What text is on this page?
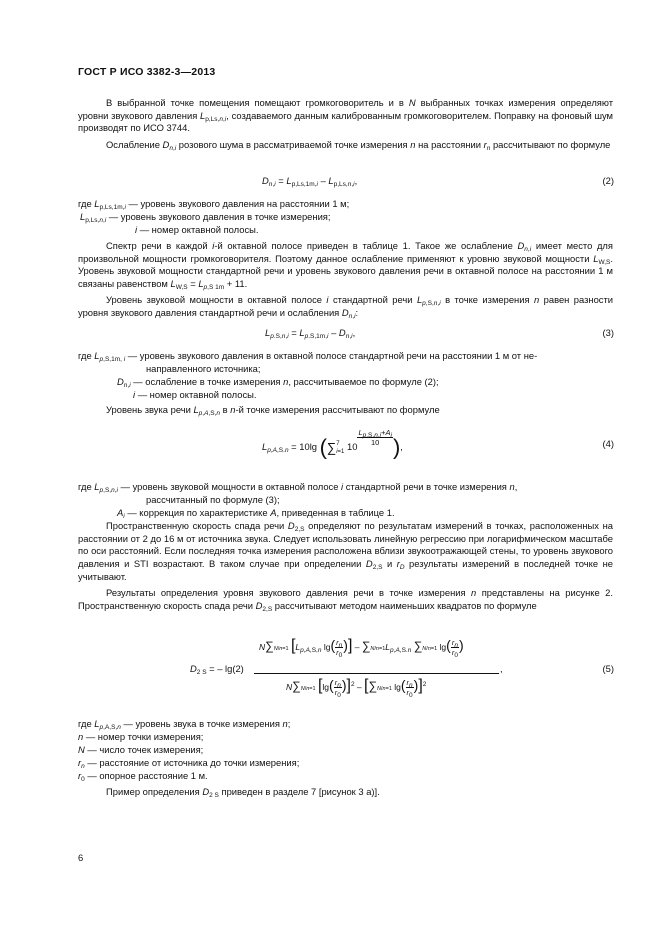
ГОСТ Р ИСО 3382-3—2013
В выбранной точке помещения помещают громкоговоритель и в N выбранных точках измерения определяют уровни звукового давления $L_{p,Ls,n,i}$, создаваемого данным калиброванным громкоговорителем. Поправку на фоновый шум производят по ИСО 3744.
Ослабление $D_{n,i}$ розового шума в рассматриваемой точке измерения n на расстоянии $r_n$ рассчитывают по формуле
$D_{n,i} = L_{p,Ls,1m,i} - L_{p,Ls,n,i}$,	(2)
где $L_{p,Ls,1m,i}$ — уровень звукового давления на расстоянии 1 м;
$L_{p,Ls,n,i}$ — уровень звукового давления в точке измерения;
i — номер октавной полосы.
Спектр речи в каждой i-й октавной полосе приведен в таблице 1. Такое же ослабление $D_{n,i}$ имеет место для произвольной мощности громкоговорителя. Поэтому данное ослабление применяют к уровню звуковой мощности $L_{W,S}$. Уровень звуковой мощности стандартной речи и уровень звукового давления речи в октавной полосе на расстоянии 1 м связаны равенством $L_{W,S} = L_{p,S 1m} + 11$.
Уровень звуковой мощности в октавной полосе i стандартной речи $L_{p,S,n,i}$ в точке измерения n равен разности уровня звукового давления стандартной речи и ослабления $D_{n,i}$:
$L_{p.S,n,i} = L_{p.S,1m,i} - D_{n,i}$,	(3)
где $L_{p,S,1m, i}$ — уровень звукового давления в октавной полосе стандартной речи на расстоянии 1 м от не-
направленного источника;
$D_{n,i}$ — ослабление в точке измерения n, рассчитываемое по формуле (2);
i — номер октавной полосы.
Уровень звука речи $L_{p,A,S,n}$ в n-й точке измерения рассчитывают по формуле
$L_{p,A,S.n} = 10\lg$ (∑7
i=1 $10 \frac{L_{p.S,n,i}+A_i}{10}$ ),	(4)
где $L_{p,S,n,i}$ — уровень звуковой мощности в октавной полосе i стандартной речи в точке измерения n,
рассчитанный по формуле (3);
$A_i$ — коррекция по характеристике A, приведенная в таблице 1.
Пространственную скорость спада речи $D_{2,S}$ определяют по результатам измерений в точках, расположенных на расстоянии от 2 до 16 м от источника звука. Следует использовать линейную регрессию при логарифмическом масштабе по оси расстояний. Если последняя точка измерения расположена вблизи звукоотражающей стены, то уровень звукового давления и STI возрастают. В таком случае при определении $D_{2,S}$ и $r_D$ результаты измерений в последней точке не учитывают.
Результаты определения уровня звукового давления речи в точке измерения n представлены на рисунке 2. Пространственную скорость спада речи $D_{2,S}$ рассчитывают методом наименьших квадратов по формуле
$D_{2 S}$ = – lg(2)
N∑N/n=1 [$L_{p,A,S,n}$ $\lg( \frac{r_n}{r_0}$ )] – $\sum N/n=1L_{p,A,S.n}$ ∑N/n=1 $\lg( \frac{r_n}{r_0}$ )
N∑N/n=1 $[\lg( \frac{r_n}{r_0} )]^2 - [\sum N/n=1$ $\lg( \frac{r_n}{r_0} )]^2$
,	(5)
где $L_{p,A,S,n}$ — уровень звука в точке измерения n;
n — номер точки измерения;
N — число точек измерения;
$r_n$ — расстояние от источника до точки измерения;
$r_0$ — опорное расстояние 1 м.
Пример определения $D_{2 S}$ приведен в разделе 7 [рисунок 3 а)].
6
